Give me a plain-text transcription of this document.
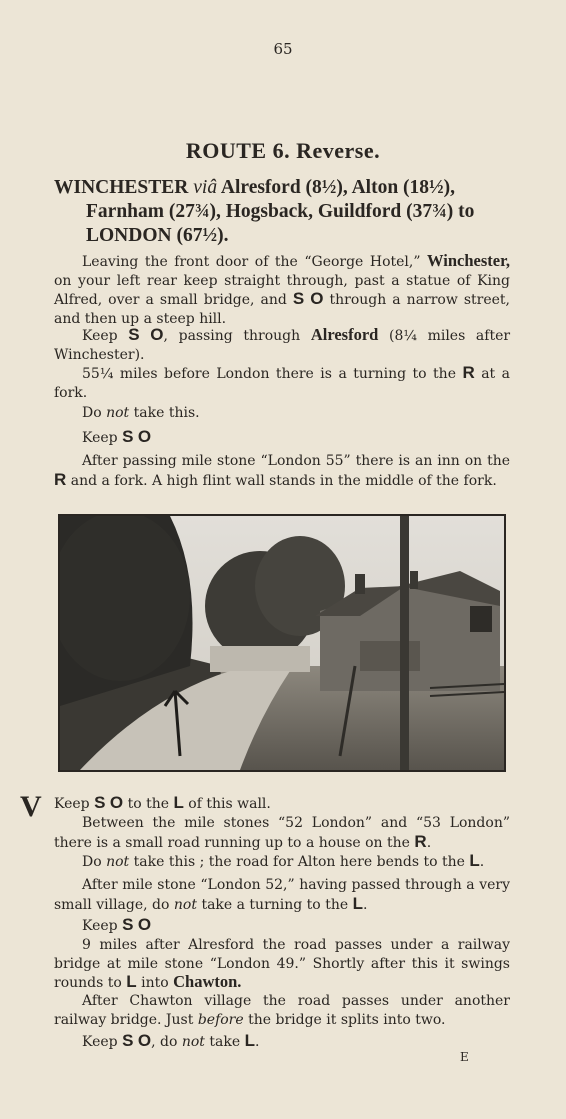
65
ROUTE 6. Reverse.
WINCHESTER viâ Alresford (8½), Alton (18½),
Farnham (27¾), Hogsback, Guildford (37¾) to
LONDON (67½).
Leaving the front door of the “George Hotel,” Winchester, on your left rear keep straight through, past a statue of King Alfred, over a small bridge, and S O through a narrow street, and then up a steep hill.
Keep S O, passing through Alresford (8¼ miles after Winchester).
55¼ miles before London there is a turning to the R at a fork.
Do not take this.
Keep S O
After passing mile stone “London 55” there is an inn on the R and a fork. A high flint wall stands in the middle of the fork.
V Keep S O to the L of this wall.
Between the mile stones “52 London” and “53 London” there is a small road running up to a house on the R.
Do not take this ; the road for Alton here bends to the L.
After mile stone “London 52,” having passed through a very small village, do not take a turning to the L.
Keep S O
9 miles after Alresford the road passes under a railway bridge at mile stone “London 49.” Shortly after this it swings rounds to L into Chawton.
After Chawton village the road passes under another railway bridge. Just before the bridge it splits into two.
Keep S O, do not take L.
E
